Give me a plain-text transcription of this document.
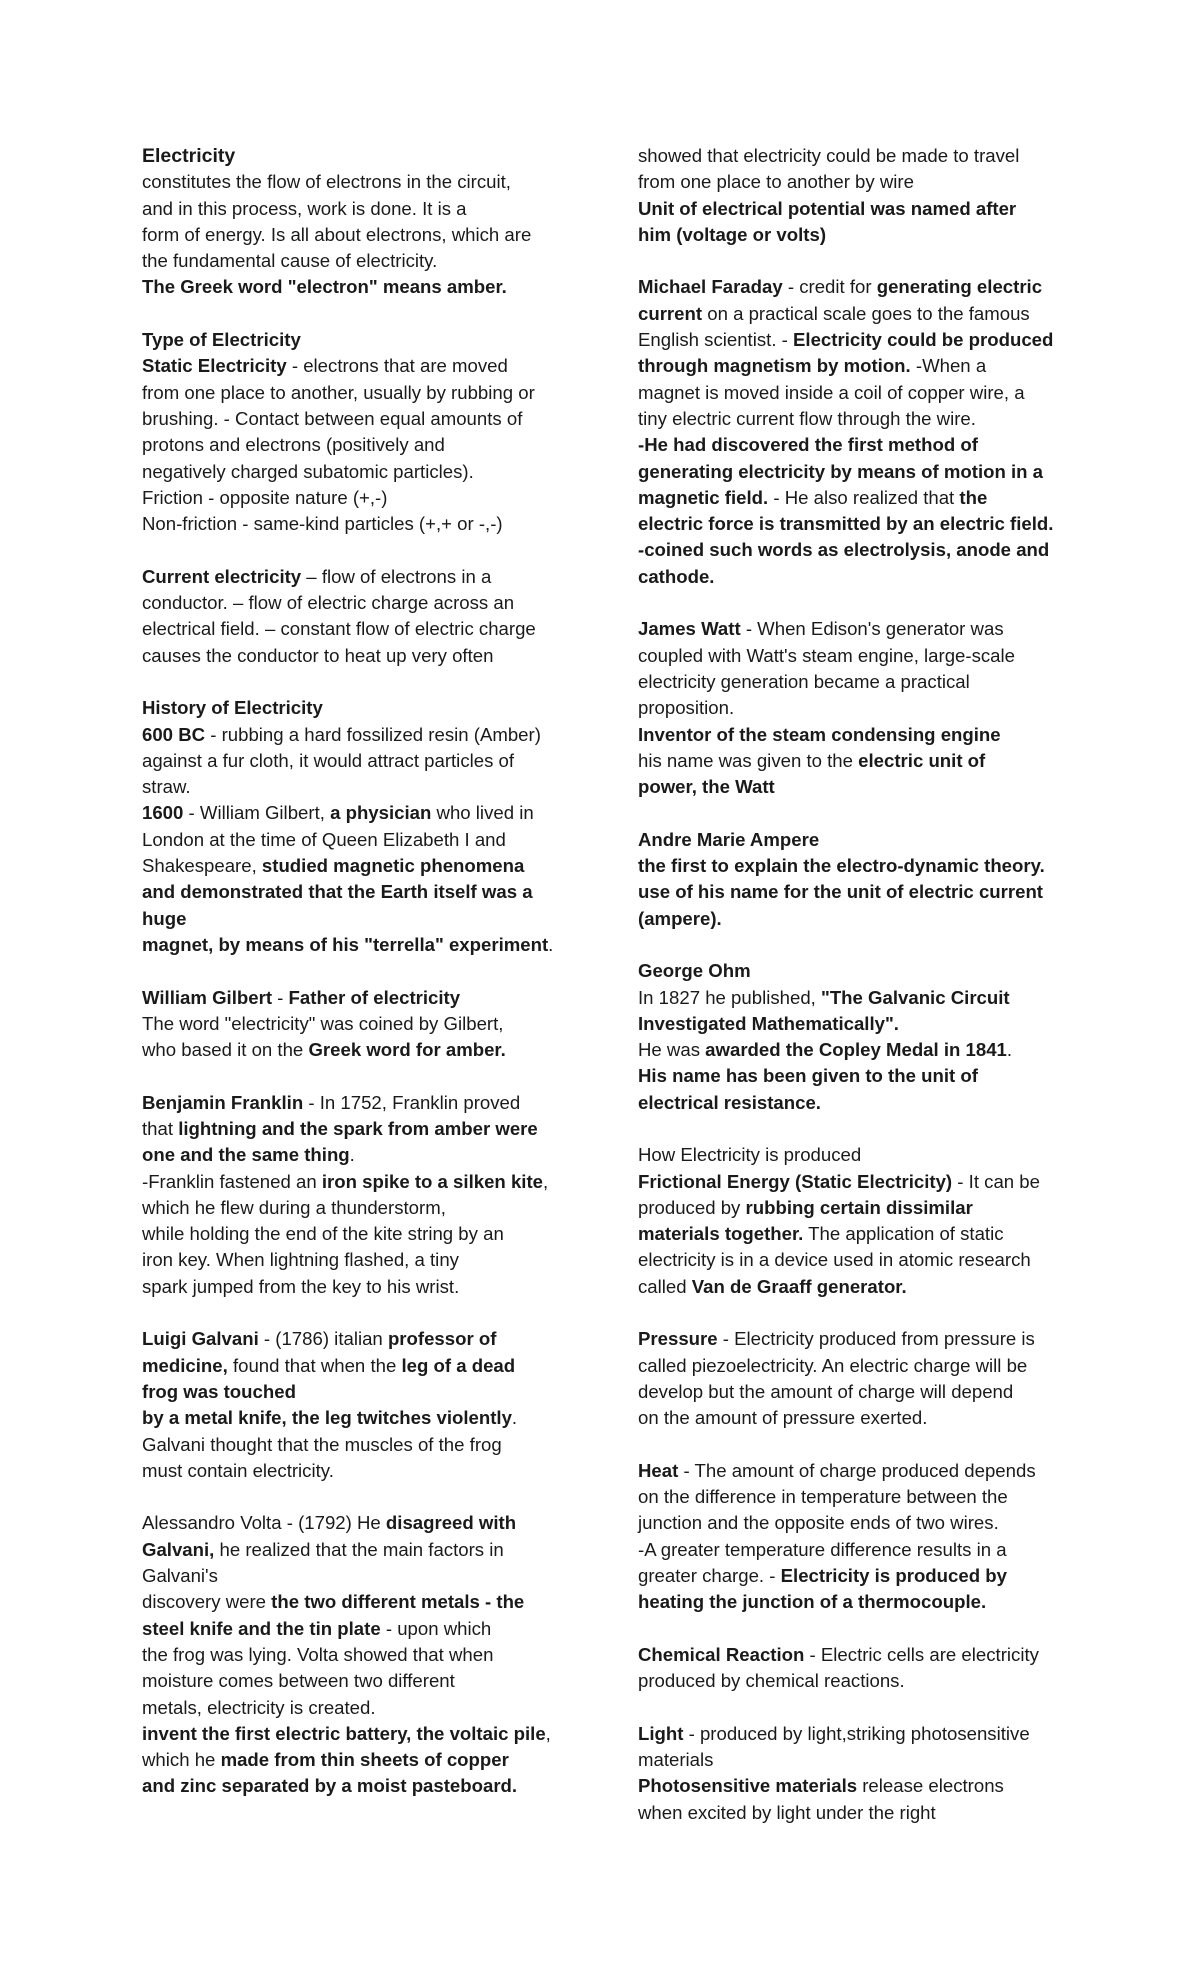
Electricity
constitutes the flow of electrons in the circuit,
and in this process, work is done. It is a
form of energy. Is all about electrons, which are
the fundamental cause of electricity.
The Greek word "electron" means amber.
Type of Electricity
Static Electricity - electrons that are moved
from one place to another, usually by rubbing or
brushing. - Contact between equal amounts of
protons and electrons (positively and
negatively charged subatomic particles).
Friction - opposite nature (+,-)
Non-friction - same-kind particles (+,+ or -,-)
Current electricity – flow of electrons in a
conductor. – flow of electric charge across an
electrical field. – constant flow of electric charge
causes the conductor to heat up very often
History of Electricity
600 BC - rubbing a hard fossilized resin (Amber)
against a fur cloth, it would attract particles of
straw.
1600 - William Gilbert, a physician who lived in
London at the time of Queen Elizabeth I and
Shakespeare, studied magnetic phenomena
and demonstrated that the Earth itself was a
huge
magnet, by means of his "terrella" experiment.
William Gilbert - Father of electricity
The word "electricity" was coined by Gilbert,
who based it on the Greek word for amber.
Benjamin Franklin - In 1752, Franklin proved
that lightning and the spark from amber were
one and the same thing.
-Franklin fastened an iron spike to a silken kite,
which he flew during a thunderstorm,
while holding the end of the kite string by an
iron key. When lightning flashed, a tiny
spark jumped from the key to his wrist.
Luigi Galvani - (1786) italian professor of
medicine, found that when the leg of a dead
frog was touched
by a metal knife, the leg twitches violently.
Galvani thought that the muscles of the frog
must contain electricity.
Alessandro Volta - (1792) He disagreed with
Galvani, he realized that the main factors in
Galvani's
discovery were the two different metals - the
steel knife and the tin plate - upon which
the frog was lying. Volta showed that when
moisture comes between two different
metals, electricity is created.
invent the first electric battery, the voltaic pile,
which he made from thin sheets of copper
and zinc separated by a moist pasteboard.
showed that electricity could be made to travel
from one place to another by wire
Unit of electrical potential was named after
him (voltage or volts)
Michael Faraday - credit for generating electric
current on a practical scale goes to the famous
English scientist. - Electricity could be produced
through magnetism by motion. -When a
magnet is moved inside a coil of copper wire, a
tiny electric current flow through the wire.
-He had discovered the first method of
generating electricity by means of motion in a
magnetic field. - He also realized that the
electric force is transmitted by an electric field.
-coined such words as electrolysis, anode and
cathode.
James Watt - When Edison's generator was
coupled with Watt's steam engine, large-scale
electricity generation became a practical
proposition.
Inventor of the steam condensing engine
his name was given to the electric unit of
power, the Watt
Andre Marie Ampere
the first to explain the electro-dynamic theory.
use of his name for the unit of electric current
(ampere).
George Ohm
In 1827 he published, "The Galvanic Circuit
Investigated Mathematically".
He was awarded the Copley Medal in 1841.
His name has been given to the unit of
electrical resistance.
How Electricity is produced
Frictional Energy (Static Electricity) - It can be
produced by rubbing certain dissimilar
materials together. The application of static
electricity is in a device used in atomic research
called Van de Graaff generator.
Pressure - Electricity produced from pressure is
called piezoelectricity. An electric charge will be
develop but the amount of charge will depend
on the amount of pressure exerted.
Heat - The amount of charge produced depends
on the difference in temperature between the
junction and the opposite ends of two wires.
-A greater temperature difference results in a
greater charge. - Electricity is produced by
heating the junction of a thermocouple.
Chemical Reaction - Electric cells are electricity
produced by chemical reactions.
Light - produced by light,striking photosensitive
materials
Photosensitive materials release electrons
when excited by light under the right
